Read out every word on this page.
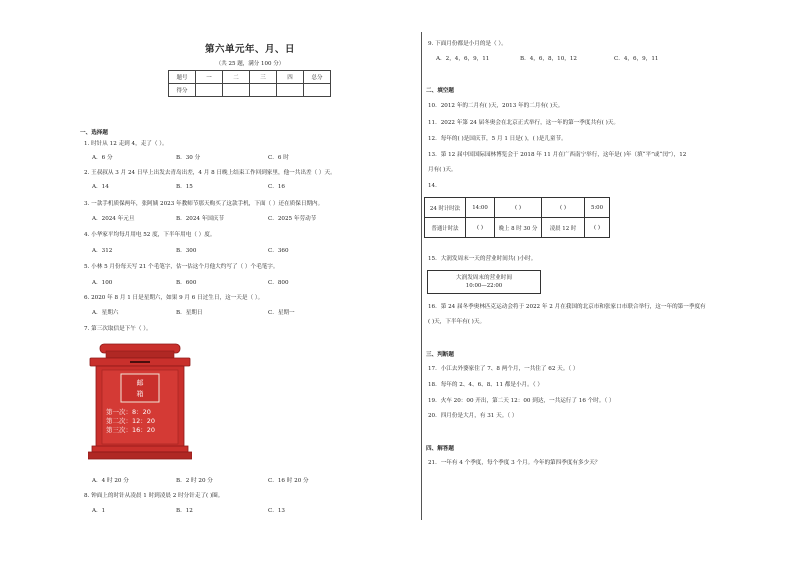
第六单元年、月、日
（共 25 题，满分 100 分）
题号	一	二	三	四	总分
得分					
一、选择题
1. 时针从 12 走到 4，走了（ ）。
A．6 分	B．30 分	C．6 时
2. 王叔叔从 3 月 24 日早上出发去青岛出差，4 月 8 日晚上结束工作回到家里，他一共出差（ ）天。
A．14	B．15	C．16
3. 一款手机质保两年，张阿姨 2023 年教师节那天购买了这款手机，下面（ ）还在质保日期内。
A．2024 年元旦	B．2024 年国庆节	C．2025 年劳动节
4. 小华家平均每月用电 52 度，下半年用电（ ）度。
A．312	B．300	C．360
5. 小林 5 月份每天写 21 个毛笔字，估一估这个月他大约写了（ ）个毛笔字。
A．100	B．600	C．800
6. 2020 年 8 月 1 日是星期六，如果 9 月 6 日过生日，这一天是（ ）。
A．星期六	B．星期日	C．星期一
7. 第三次取信是下午（ ）。
邮
箱
第一次：8：20
第二次：12：20
第三次：16：20
A．4 时 20 分	B．2 时 20 分	C．16 时 20 分
8. 钟面上的时针从凌晨 1 时到凌晨 2 时分针走了( )圈。
A．1	B．12	C．13
9. 下面月份都是小月的是（ ）。
A．2，4，6，9，11	B．4，6，8，10，12	C．4，6，9，11
二、填空题
10．2012 年的二月有( )天，2013 年的二月有( )天。
11．2022 年第 24 届冬奥会在北京正式举行，这一年的第一季度共有( )天。
12．每年的( )是国庆节，5 月 1 日是( )，( )是儿童节。
13．第 12 届中国国际园林博览会于 2018 年 11 月在广西南宁举行，这年是( )年（填“平”或“闰”），12
月有( )天。
14．
24 时计时法	14:00	( )	( )	5:00
普通计时法	( )	晚上 8 时 30 分	凌晨 12 时	( )
15．大润发周末一天的营业时间共( )小时。
大润发周末的营业时间
10:00—22:00
16．第 24 届冬季奥林匹克运动会将于 2022 年 2 月在我国的北京市和张家口市联合举行，这一年的第一季度有
( )天，下半年有( )天。
三、判断题
17．小江去外婆家住了 7、8 两个月，一共住了 62 天。（ ）
18．每年的 2、4、6、8、11 都是小月。（ ）
19．火车 20：00 开出，第二天 12：00 到达，一共运行了 16 个时。（ ）
20．四月份是大月，有 31 天。（ ）
四、解答题
21．一年有 4 个季度，每个季度 3 个月。今年的第四季度有多少天？
